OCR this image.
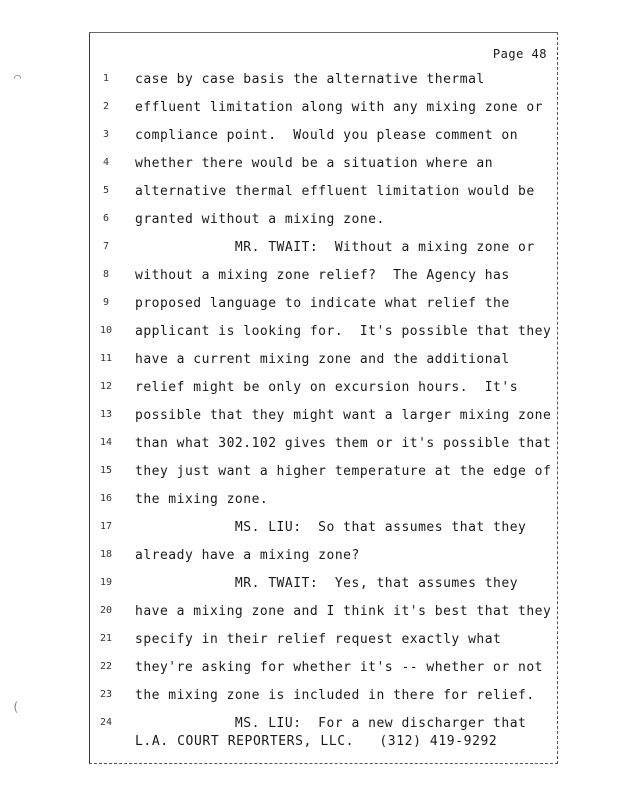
Page 48
⌒
(
1	case by case basis the alternative thermal
2	effluent limitation along with any mixing zone or
3	compliance point.  Would you please comment on
4	whether there would be a situation where an
5	alternative thermal effluent limitation would be
6	granted without a mixing zone.
7	MR. TWAIT:  Without a mixing zone or
8	without a mixing zone relief?  The Agency has
9	proposed language to indicate what relief the
10	applicant is looking for.  It's possible that they
11	have a current mixing zone and the additional
12	relief might be only on excursion hours.  It's
13	possible that they might want a larger mixing zone
14	than what 302.102 gives them or it's possible that
15	they just want a higher temperature at the edge of
16	the mixing zone.
17	MS. LIU:  So that assumes that they
18	already have a mixing zone?
19	MR. TWAIT:  Yes, that assumes they
20	have a mixing zone and I think it's best that they
21	specify in their relief request exactly what
22	they're asking for whether it's -- whether or not
23	the mixing zone is included in there for relief.
24	MS. LIU:  For a new discharger that
L.A. COURT REPORTERS, LLC.   (312) 419-9292
